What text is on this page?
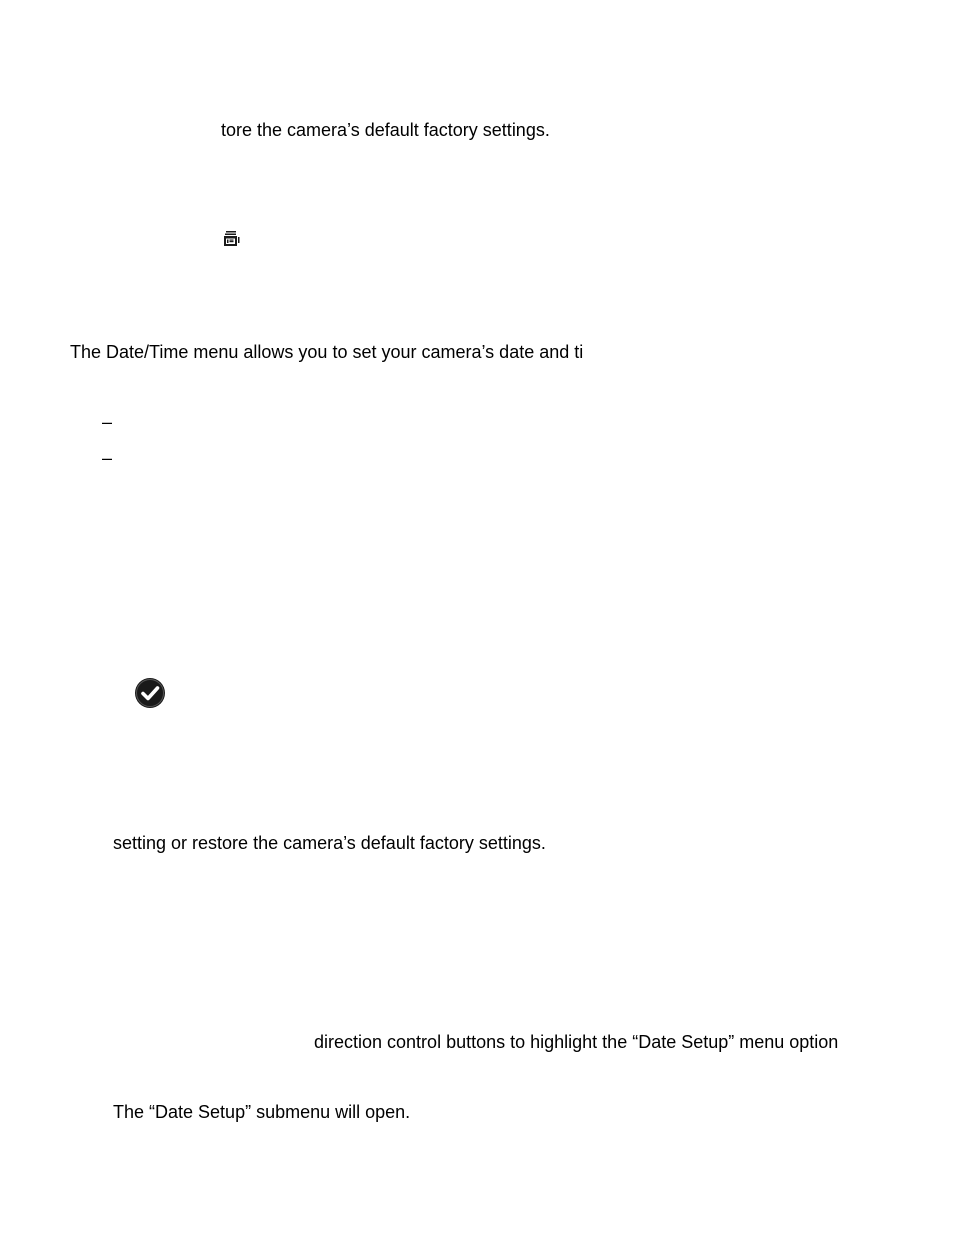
tore the camera’s default factory settings.
The Date/Time menu allows you to set your camera’s date and ti
–
–
setting or restore the camera’s default factory settings.
direction control buttons to highlight the “Date Setup” menu option
The “Date Setup” submenu will open.
